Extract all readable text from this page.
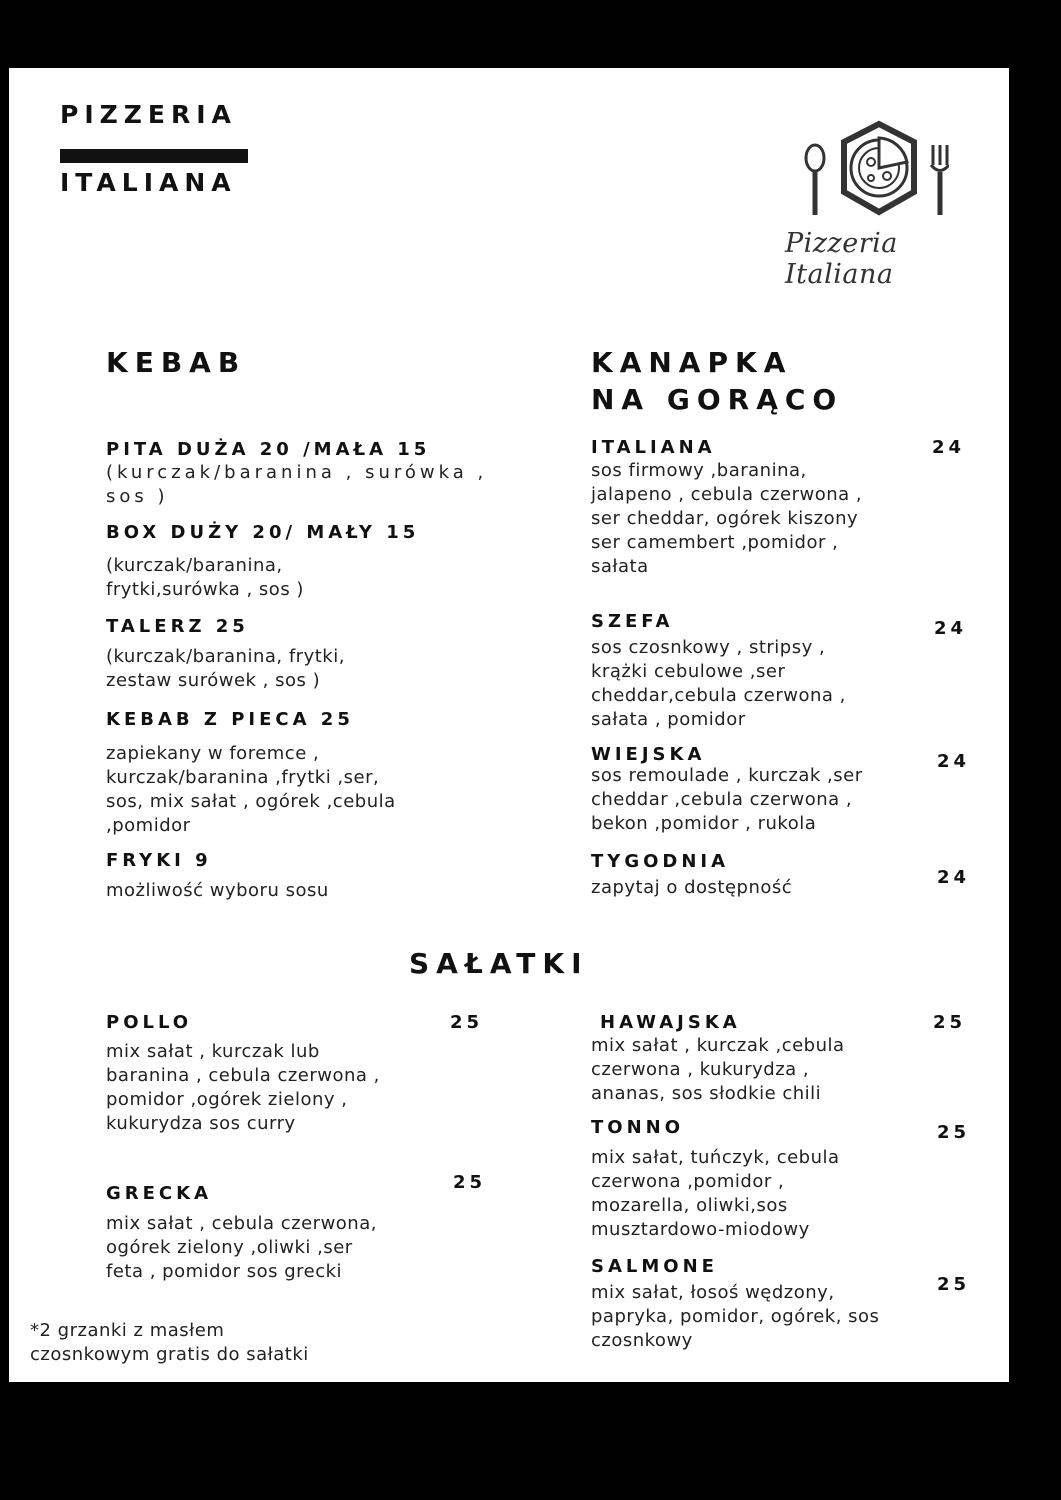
PIZZERIA
ITALIANA
Pizzeria Italiana
KEBAB
PITA DUŻA 20 /MAŁA 15
(kurczak/baranina , surówka , sos )
BOX DUŻY 20/ MAŁY 15
(kurczak/baranina, frytki,surówka , sos )
TALERZ 25
(kurczak/baranina, frytki, zestaw surówek , sos )
KEBAB Z PIECA 25
zapiekany w foremce , kurczak/baranina ,frytki ,ser, sos, mix sałat , ogórek ,cebula ,pomidor
FRYKI 9
możliwość wyboru sosu
KANAPKA
NA GORĄCO
ITALIANA	24
sos firmowy ,baranina, jalapeno , cebula czerwona , ser cheddar, ogórek kiszony ser camembert ,pomidor , sałata
SZEFA	24
sos czosnkowy , stripsy , krążki cebulowe ,ser cheddar,cebula czerwona , sałata , pomidor
WIEJSKA	24
sos remoulade , kurczak ,ser cheddar ,cebula czerwona , bekon ,pomidor , rukola
TYGODNIA
24
zapytaj o dostępność
SAŁATKI
POLLO	25
mix sałat , kurczak lub baranina , cebula czerwona , pomidor ,ogórek zielony , kukurydza sos curry
GRECKA
25
mix sałat , cebula czerwona, ogórek zielony ,oliwki ,ser feta , pomidor sos grecki
HAWAJSKA	25
mix sałat , kurczak ,cebula czerwona , kukurydza , ananas, sos słodkie chili
TONNO	25
mix sałat, tuńczyk, cebula czerwona ,pomidor , mozarella, oliwki,sos musztardowo-miodowy
SALMONE
25
mix sałat, łosoś wędzony, papryka, pomidor, ogórek, sos czosnkowy
*2 grzanki z masłem czosnkowym gratis do sałatki
